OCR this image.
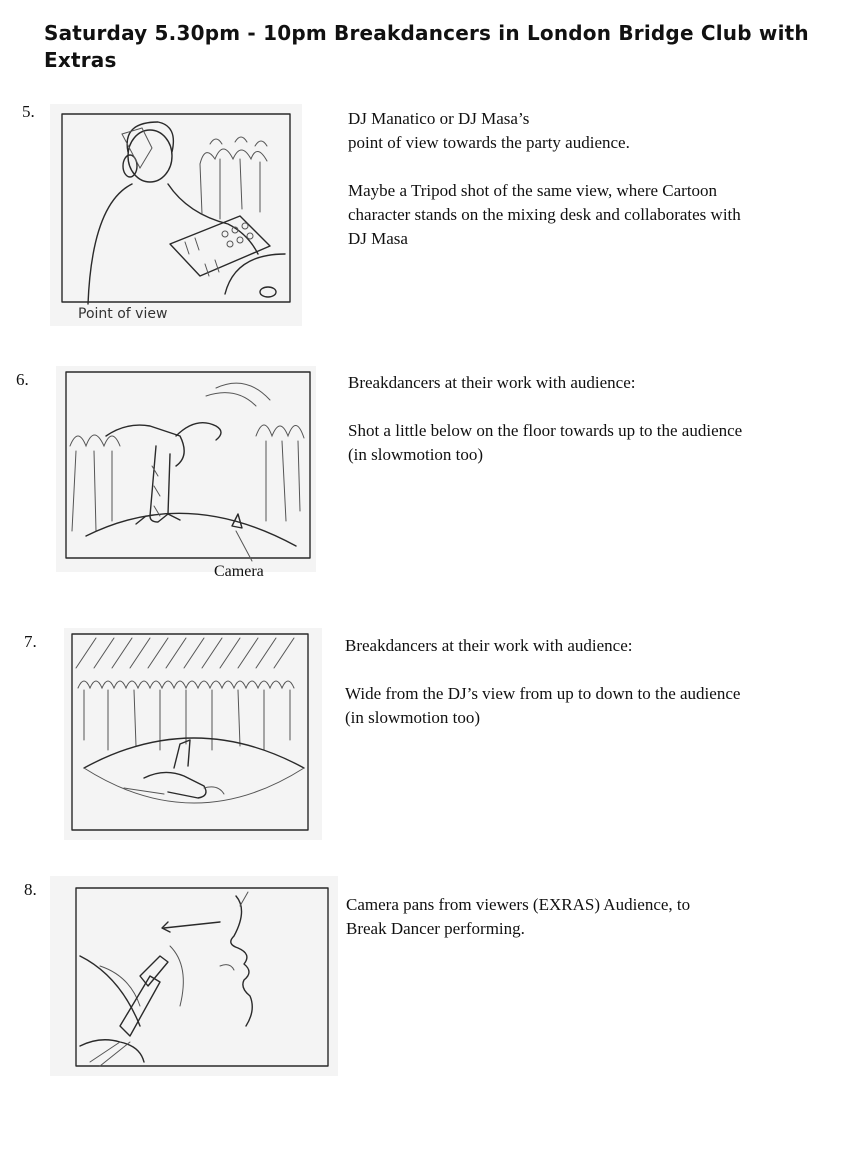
Saturday 5.30pm - 10pm Breakdancers in London Bridge Club with Extras
5.
Point of view

DJ Manatico or DJ Masa’s

point of view towards the party audience.

Maybe a Tripod shot of the same view, where Cartoon

character stands on the mixing desk and collaborates with

DJ Masa

6.
Camera

Breakdancers at their work with audience:

Shot a little below on the floor towards up to the audience

(in slowmotion too)

7.	Breakdancers at their work with audience:

Wide from the DJ’s view from up to down to the audience

(in slowmotion too)

8.

Camera pans from viewers (EXRAS) Audience, to

Break Dancer performing.
